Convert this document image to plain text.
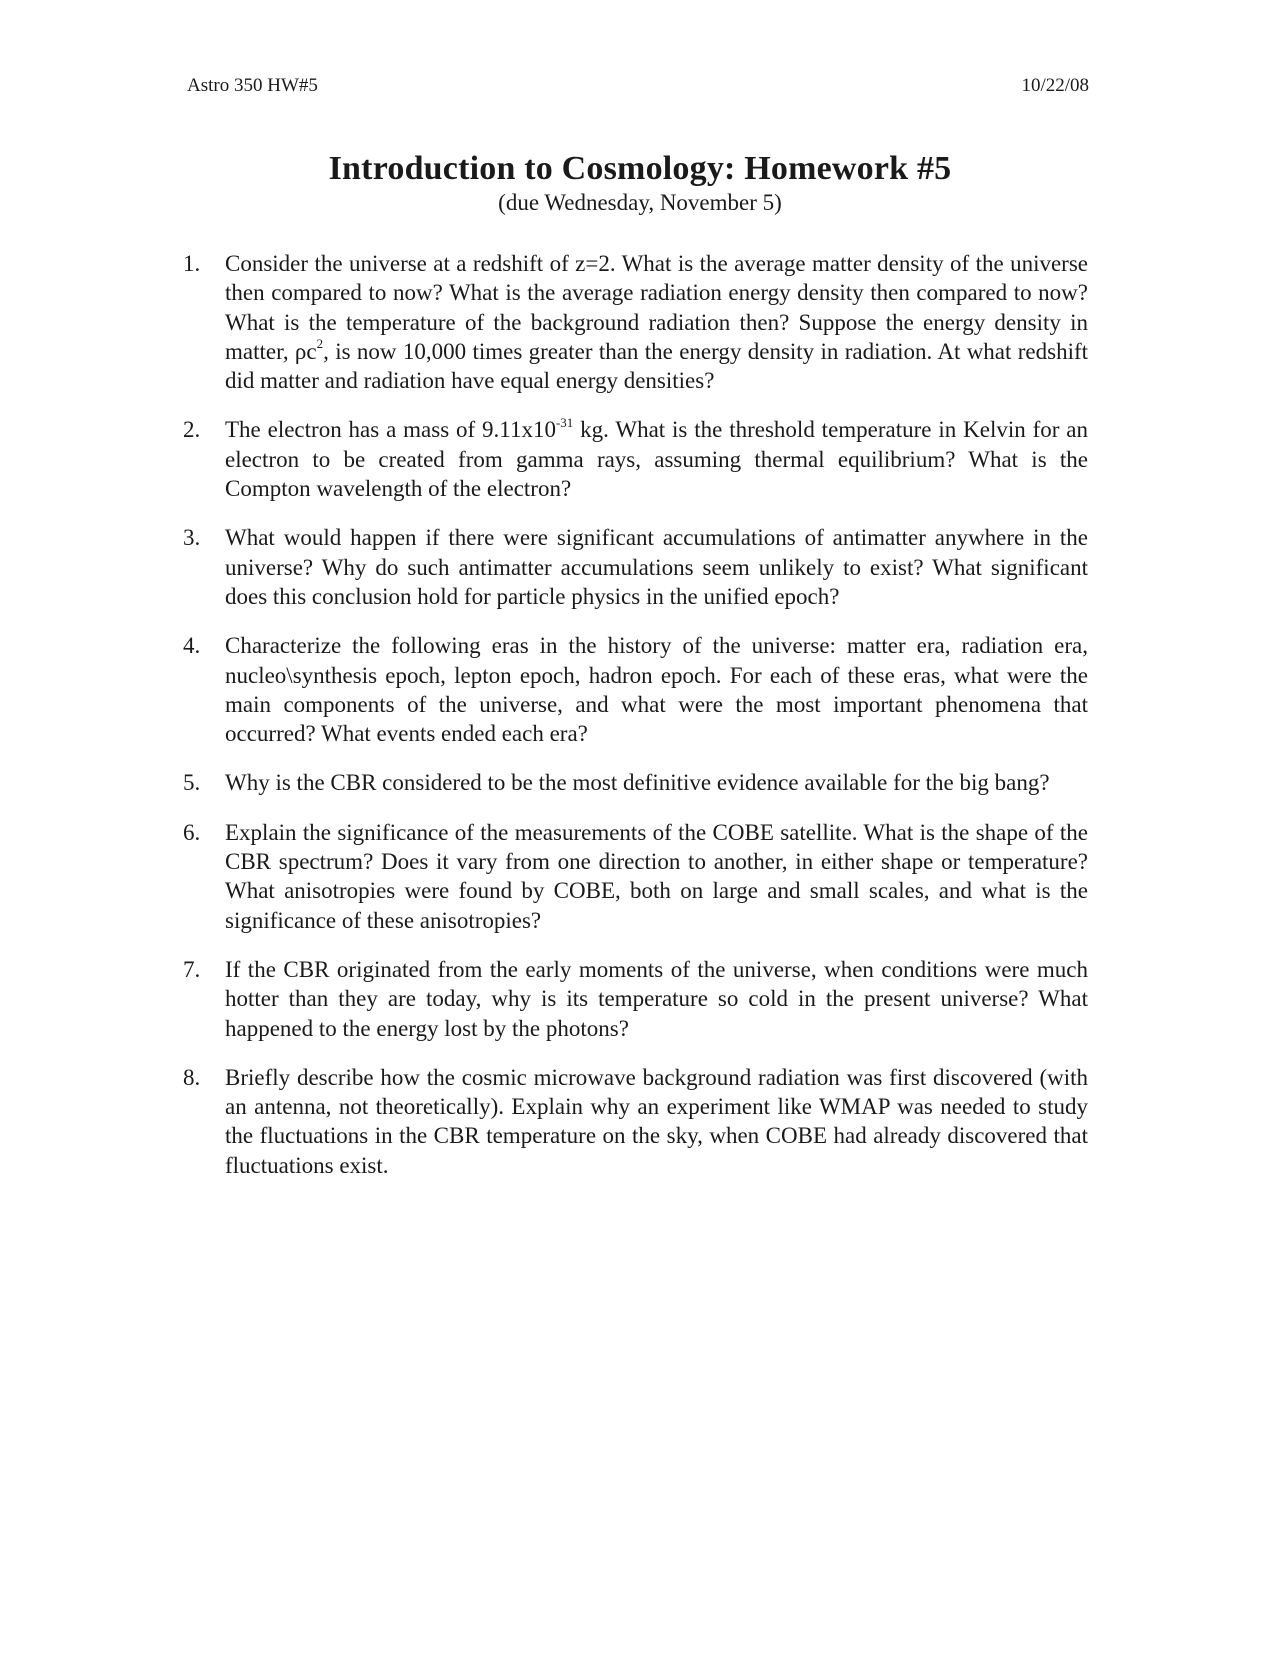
Astro 350 HW#5	10/22/08
Introduction to Cosmology: Homework #5
(due Wednesday, November 5)
1. Consider the universe at a redshift of z=2. What is the average matter density of the universe then compared to now? What is the average radiation energy density then compared to now? What is the temperature of the background radiation then? Suppose the energy density in matter, $\rho c^2$, is now 10,000 times greater than the energy density in radiation. At what redshift did matter and radiation have equal energy densities?
2. The electron has a mass of $9.11x10^{-31}$ kg. What is the threshold temperature in Kelvin for an electron to be created from gamma rays, assuming thermal equilibrium? What is the Compton wavelength of the electron?
3. What would happen if there were significant accumulations of antimatter anywhere in the universe? Why do such antimatter accumulations seem unlikely to exist? What significant does this conclusion hold for particle physics in the unified epoch?
4. Characterize the following eras in the history of the universe: matter era, radiation era, nucleo\synthesis epoch, lepton epoch, hadron epoch. For each of these eras, what were the main components of the universe, and what were the most important phenomena that occurred? What events ended each era?
5. Why is the CBR considered to be the most definitive evidence available for the big bang?
6. Explain the significance of the measurements of the COBE satellite. What is the shape of the CBR spectrum? Does it vary from one direction to another, in either shape or temperature? What anisotropies were found by COBE, both on large and small scales, and what is the significance of these anisotropies?
7. If the CBR originated from the early moments of the universe, when conditions were much hotter than they are today, why is its temperature so cold in the present universe? What happened to the energy lost by the photons?
8. Briefly describe how the cosmic microwave background radiation was first discovered (with an antenna, not theoretically). Explain why an experiment like WMAP was needed to study the fluctuations in the CBR temperature on the sky, when COBE had already discovered that fluctuations exist.
